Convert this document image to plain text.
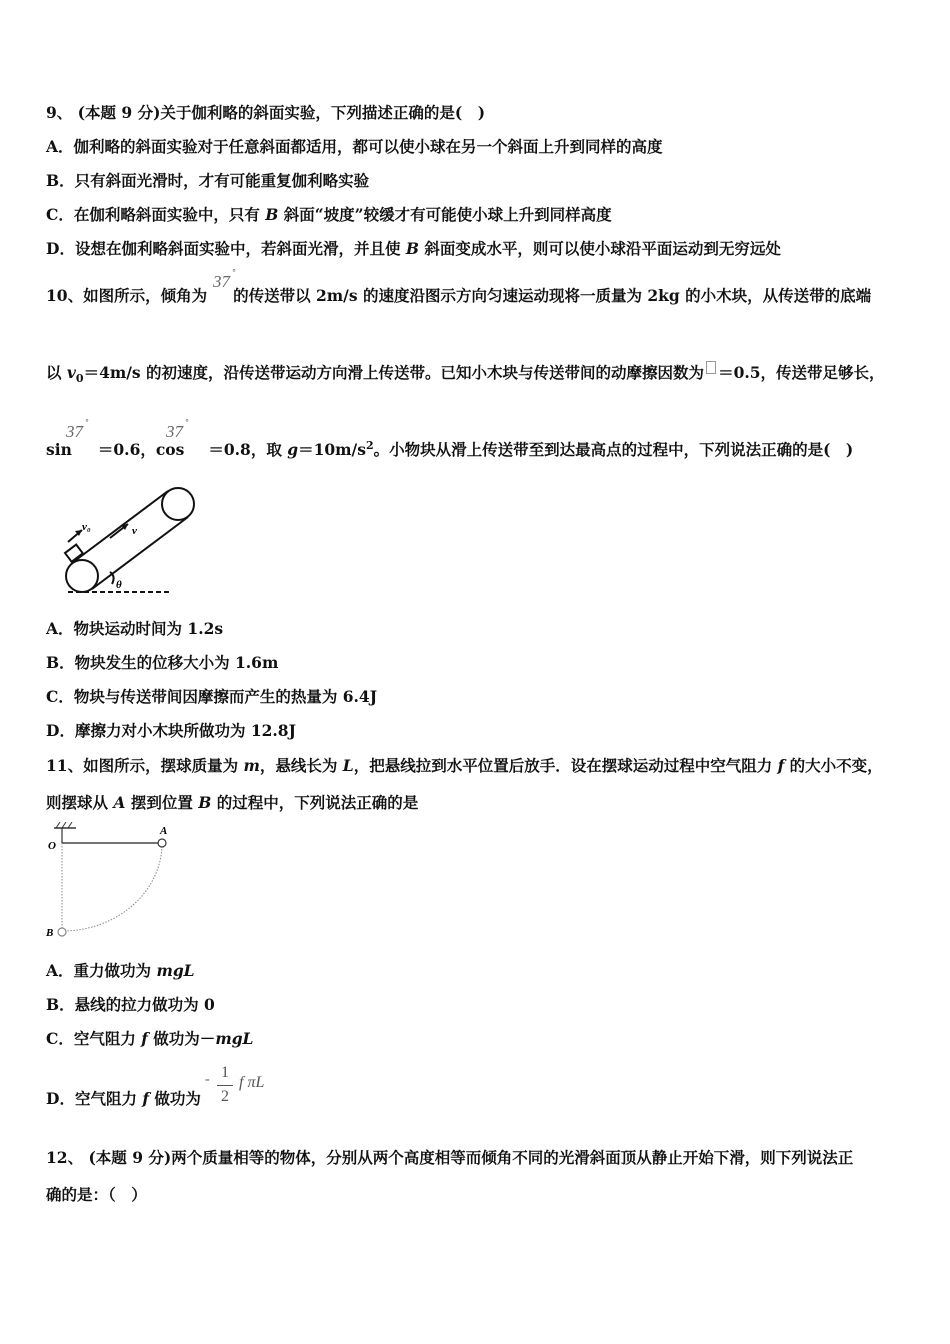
9、 (本题 9 分)关于伽利略的斜面实验，下列描述正确的是(　)
A．伽利略的斜面实验对于任意斜面都适用，都可以使小球在另一个斜面上升到同样的高度
B．只有斜面光滑时，才有可能重复伽利略实验
C．在伽利略斜面实验中，只有 B 斜面“坡度”较缓才有可能使小球上升到同样高度
D．设想在伽利略斜面实验中，若斜面光滑，并且使 B 斜面变成水平，则可以使小球沿平面运动到无穷远处
10、如图所示，倾角为 的传送带以 2m/s 的速度沿图示方向匀速运动现将一质量为 2kg 的小木块，从传送带的底端
37 °
以 $v_0=4m/s$ 的初速度，沿传送带运动方向滑上传送带。已知小木块与传送带间的动摩擦因数为 ＝0.5，传送带足够长，
sin ＝0.6，cos ＝0.8，取 $g=10m/s^2$。小物块从滑上传送带至到达最高点的过程中，下列说法正确的是(　)
37 °	37 °
v₀	v
θ
A．物块运动时间为 1.2s
B．物块发生的位移大小为 1.6m
C．物块与传送带间因摩擦而产生的热量为 6.4J
D．摩擦力对小木块所做功为 12.8J
11、如图所示，摆球质量为 m，悬线长为 L，把悬线拉到水平位置后放手．设在摆球运动过程中空气阻力 f 的大小不变，
则摆球从 A 摆到位置 B 的过程中，下列说法正确的是
O
A
B
A．重力做功为 mgL
B．悬线的拉力做功为 0
C．空气阻力 f 做功为－mgL
D．空气阻力 f 做功为
- 1
2
f πL
12、 (本题 9 分)两个质量相等的物体，分别从两个高度相等而倾角不同的光滑斜面顶从静止开始下滑，则下列说法正
确的是：（　）
